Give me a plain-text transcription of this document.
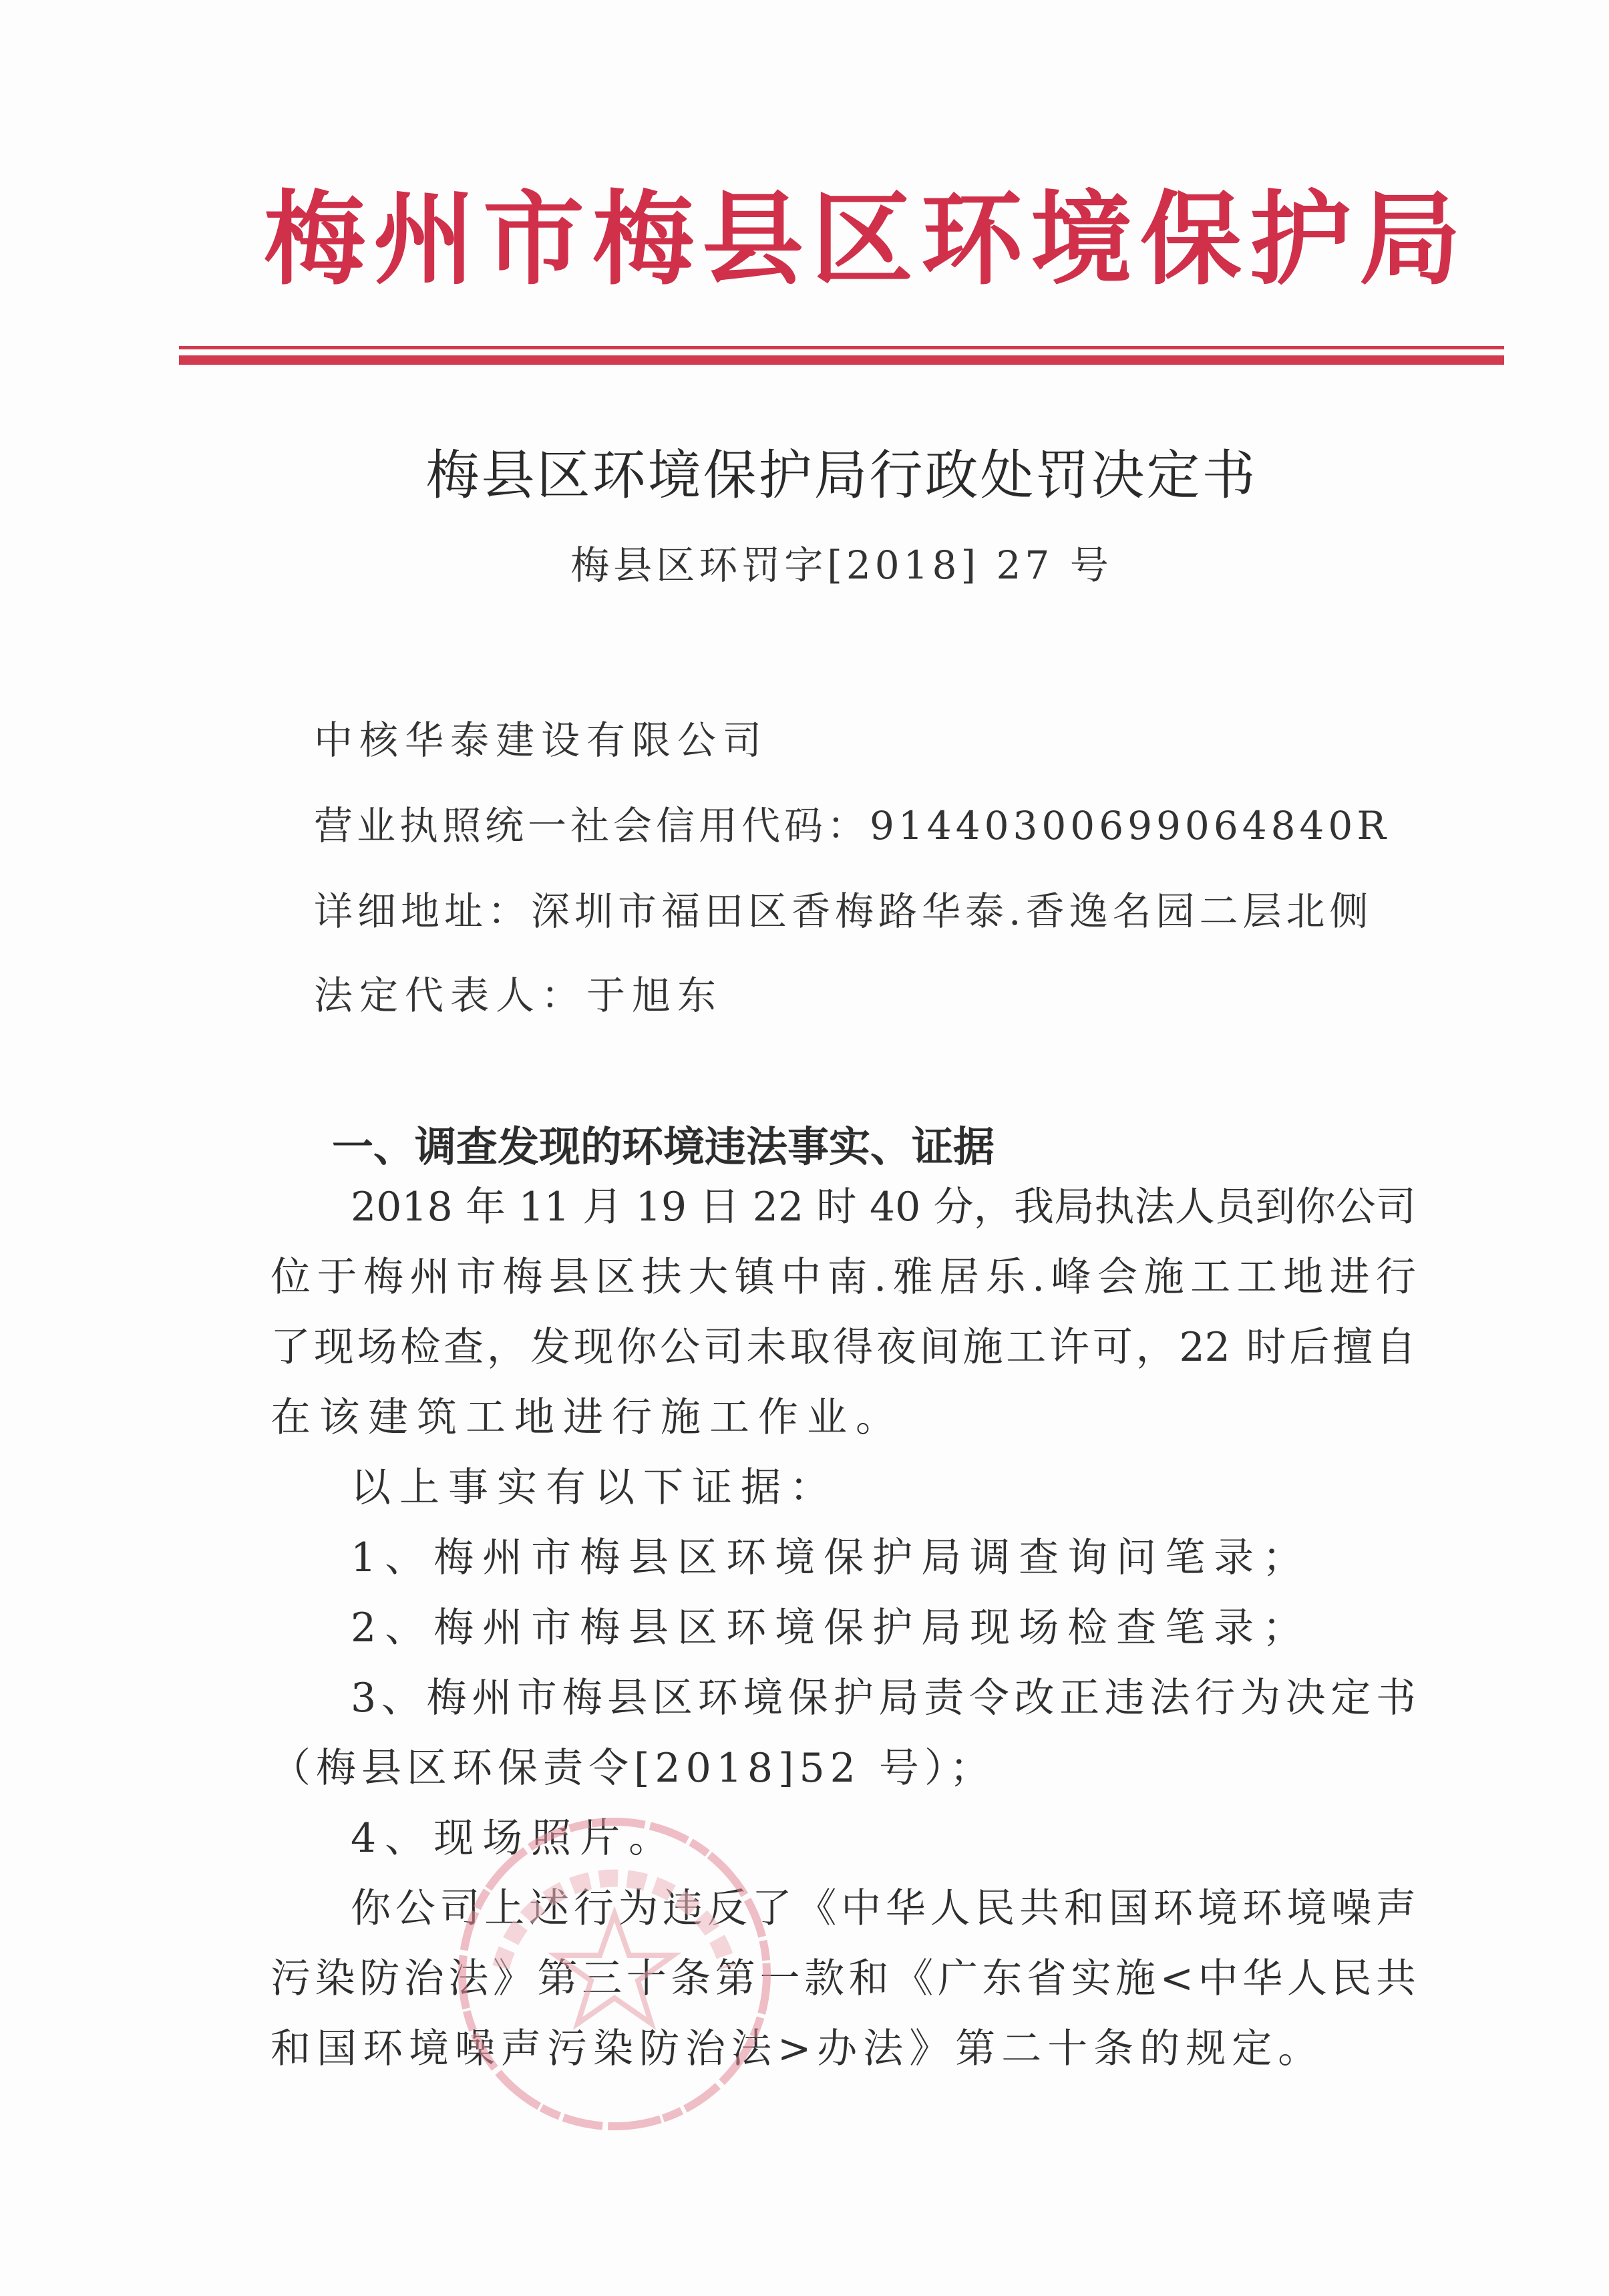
梅州市梅县区环境保护局
梅县区环境保护局行政处罚决定书
梅县区环罚字[2018] 27 号
中核华泰建设有限公司
营业执照统一社会信用代码：91440300699064840R
详细地址：深圳市福田区香梅路华泰.香逸名园二层北侧
法定代表人：于旭东
一、调查发现的环境违法事实、证据
2018 年 11 月 19 日 22 时 40 分，我局执法人员到你公司
位于梅州市梅县区扶大镇中南.雅居乐.峰会施工工地进行
了现场检查，发现你公司未取得夜间施工许可，22 时后擅自
在该建筑工地进行施工作业。
以上事实有以下证据：
1、梅州市梅县区环境保护局调查询问笔录；
2、梅州市梅县区环境保护局现场检查笔录；
3、梅州市梅县区环境保护局责令改正违法行为决定书
（梅县区环保责令[2018]52 号）；
4、现场照片。
你公司上述行为违反了《中华人民共和国环境环境噪声
污染防治法》第三十条第一款和《广东省实施<中华人民共
和国环境噪声污染防治法>办法》第二十条的规定。
